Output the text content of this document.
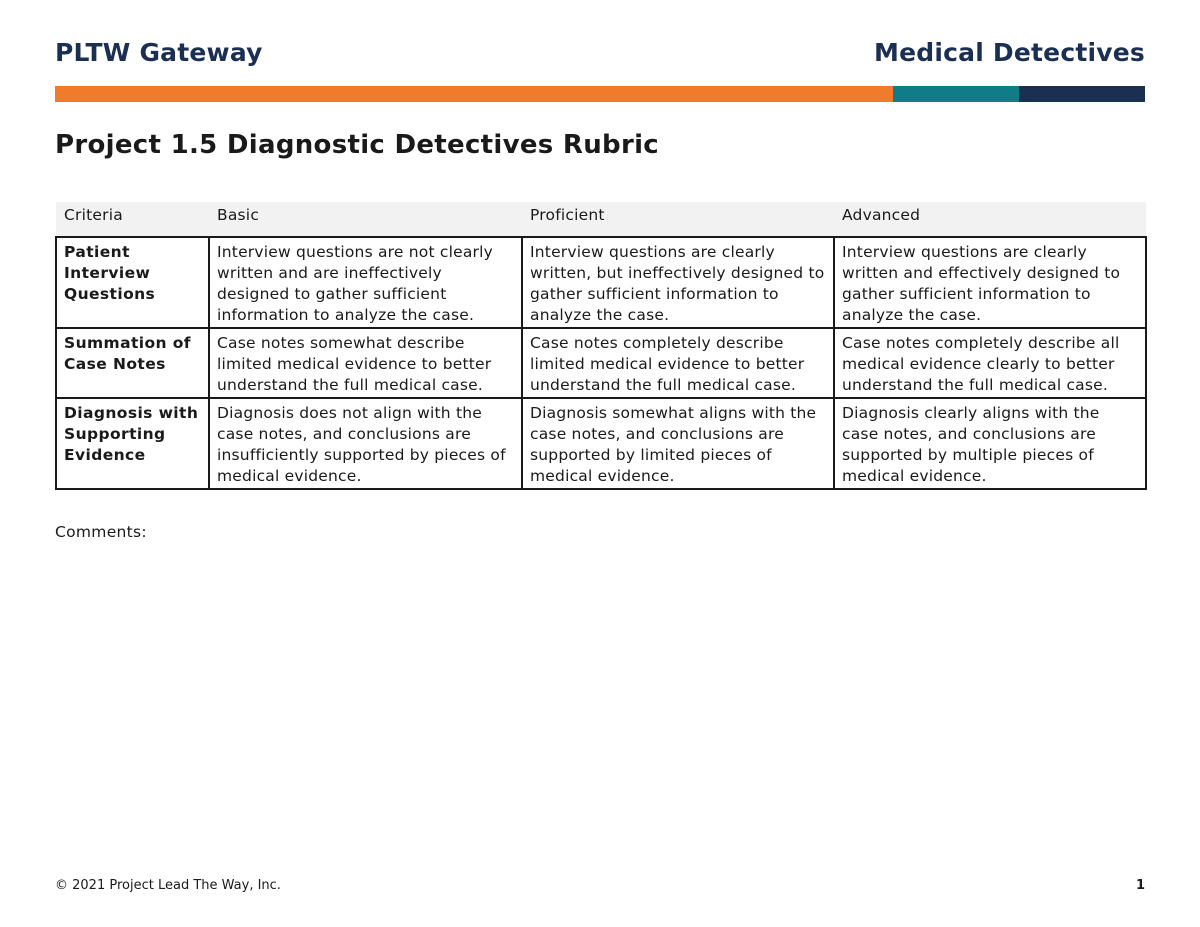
PLTW Gateway	Medical Detectives
Project 1.5 Diagnostic Detectives Rubric
Criteria	Basic	Proficient	Advanced
Patient Interview Questions	Interview questions are not clearly written and are ineffectively designed to gather sufficient information to analyze the case.	Interview questions are clearly written, but ineffectively designed to gather sufficient information to analyze the case.	Interview questions are clearly written and effectively designed to gather sufficient information to analyze the case.
Summation of Case Notes	Case notes somewhat describe limited medical evidence to better understand the full medical case.	Case notes completely describe limited medical evidence to better understand the full medical case.	Case notes completely describe all medical evidence clearly to better understand the full medical case.
Diagnosis with Supporting Evidence	Diagnosis does not align with the case notes, and conclusions are insufficiently supported by pieces of medical evidence.	Diagnosis somewhat aligns with the case notes, and conclusions are supported by limited pieces of medical evidence.	Diagnosis clearly aligns with the case notes, and conclusions are supported by multiple pieces of medical evidence.
Comments:
© 2021 Project Lead The Way, Inc.	1
